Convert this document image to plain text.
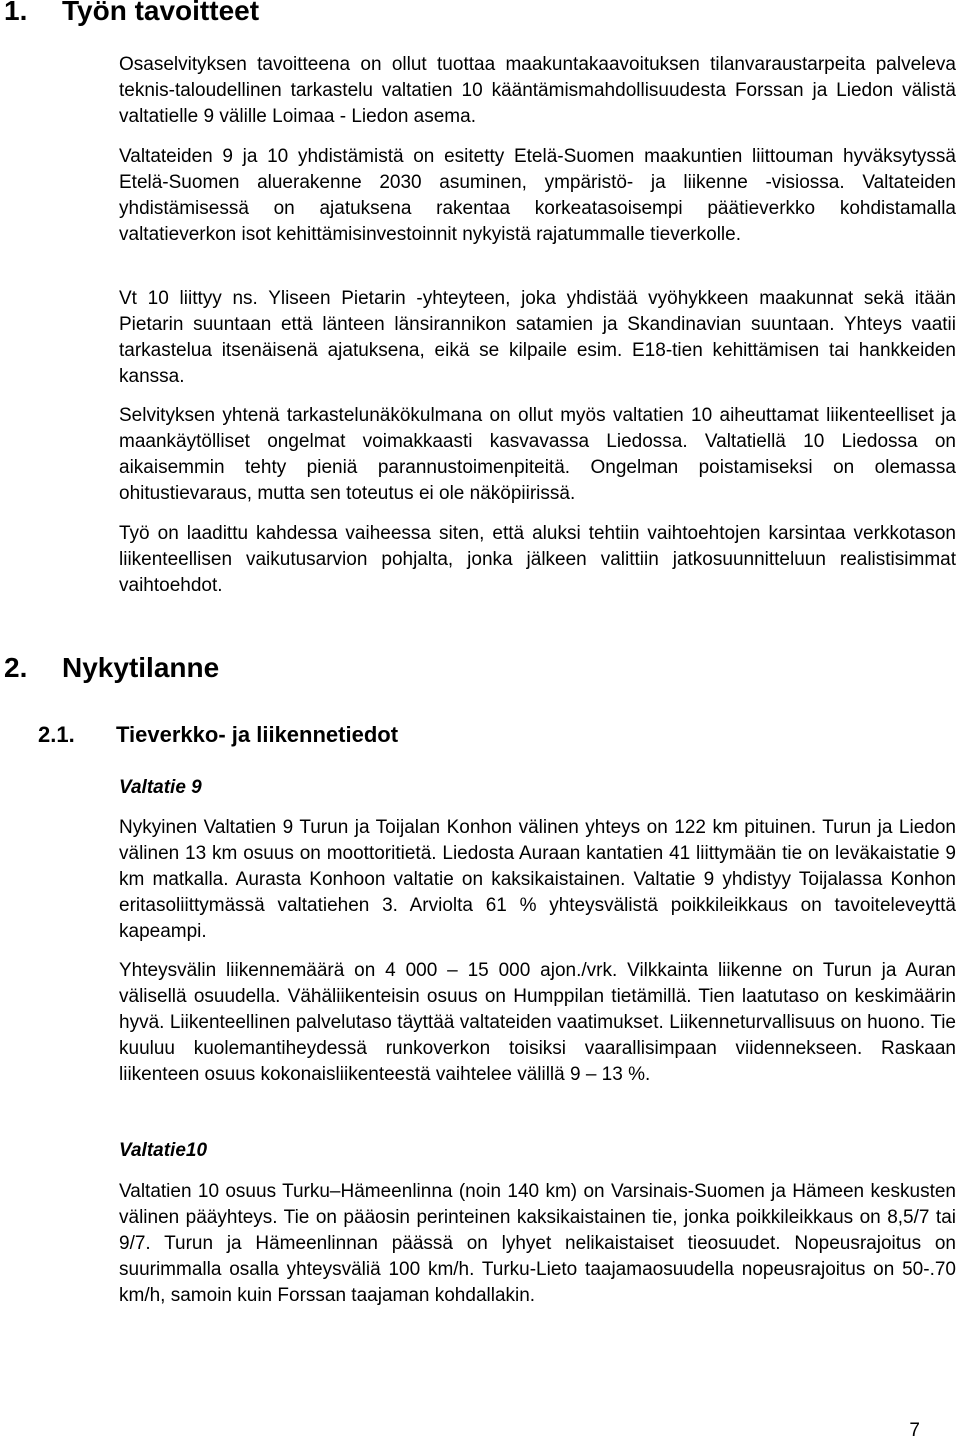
1.	Työn tavoitteet

Osaselvityksen tavoitteena on ollut tuottaa maakuntakaavoituksen tilanvaraustarpeita palveleva teknis-taloudellinen tarkastelu valtatien 10 kääntämismahdollisuudesta Forssan ja Liedon välistä valtatielle 9 välille Loimaa - Liedon asema.

Valtateiden 9 ja 10 yhdistämistä on esitetty Etelä-Suomen maakuntien liittouman hyväksytyssä Etelä-Suomen aluerakenne 2030 asuminen, ympäristö- ja liikenne -visiossa. Valtateiden yhdistämisessä on ajatuksena rakentaa korkeatasoisempi päätieverkko kohdistamalla valtatieverkon isot kehittämisinvestoinnit nykyistä rajatummalle tieverkolle.

Vt 10 liittyy ns. Yliseen Pietarin -yhteyteen, joka yhdistää vyöhykkeen maakunnat sekä itään Pietarin suuntaan että länteen länsirannikon satamien ja Skandinavian suuntaan. Yhteys vaatii tarkastelua itsenäisenä ajatuksena, eikä se kilpaile esim. E18-tien kehittämisen tai hankkeiden kanssa.

Selvityksen yhtenä tarkastelunäkökulmana on ollut myös valtatien 10 aiheuttamat liikenteelliset ja maankäytölliset ongelmat voimakkaasti kasvavassa Liedossa. Valtatiellä 10 Liedossa on aikaisemmin tehty pieniä parannustoimenpiteitä. Ongelman poistamiseksi on olemassa ohitustievaraus, mutta sen toteutus ei ole näköpiirissä.

Työ on laadittu kahdessa vaiheessa siten, että aluksi tehtiin vaihtoehtojen karsintaa verkkotason liikenteellisen vaikutusarvion pohjalta, jonka jälkeen valittiin jatkosuunnitteluun realistisimmat vaihtoehdot.

2.	Nykytilanne
2.1.	Tieverkko- ja liikennetiedot
Valtatie 9

Nykyinen Valtatien 9 Turun ja Toijalan Konhon välinen yhteys on 122 km pituinen. Turun ja Liedon välinen 13 km osuus on moottoritietä. Liedosta Auraan kantatien 41 liittymään tie on leväkaistatie 9 km matkalla. Aurasta Konhoon valtatie on kaksikaistainen. Valtatie 9 yhdistyy Toijalassa Konhon eritasoliittymässä valtatiehen 3. Arviolta 61 % yhteysvälistä poikkileikkaus on tavoiteleveyttä kapeampi.

Yhteysvälin liikennemäärä on 4 000 – 15 000 ajon./vrk. Vilkkainta liikenne on Turun ja Auran välisellä osuudella. Vähäliikenteisin osuus on Humppilan tietämillä. Tien laatutaso on keskimäärin hyvä. Liikenteellinen palvelutaso täyttää valtateiden vaatimukset. Liikenneturvallisuus on huono. Tie kuuluu kuolemantiheydessä runkoverkon toisiksi vaarallisimpaan viidennekseen. Raskaan liikenteen osuus kokonaisliikenteestä vaihtelee välillä 9 – 13 %.

Valtatie10

Valtatien 10 osuus Turku–Hämeenlinna (noin 140 km) on Varsinais-Suomen ja Hämeen keskusten välinen pääyhteys. Tie on pääosin perinteinen kaksikaistainen tie, jonka poikkileikkaus on 8,5/7 tai 9/7. Turun ja Hämeenlinnan päässä on lyhyet nelikaistaiset tieosuudet. Nopeusrajoitus on suurimmalla osalla yhteysväliä 100 km/h. Turku-Lieto taajamaosuudella nopeusrajoitus on 50-.70 km/h, samoin kuin Forssan taajaman kohdallakin.

7
